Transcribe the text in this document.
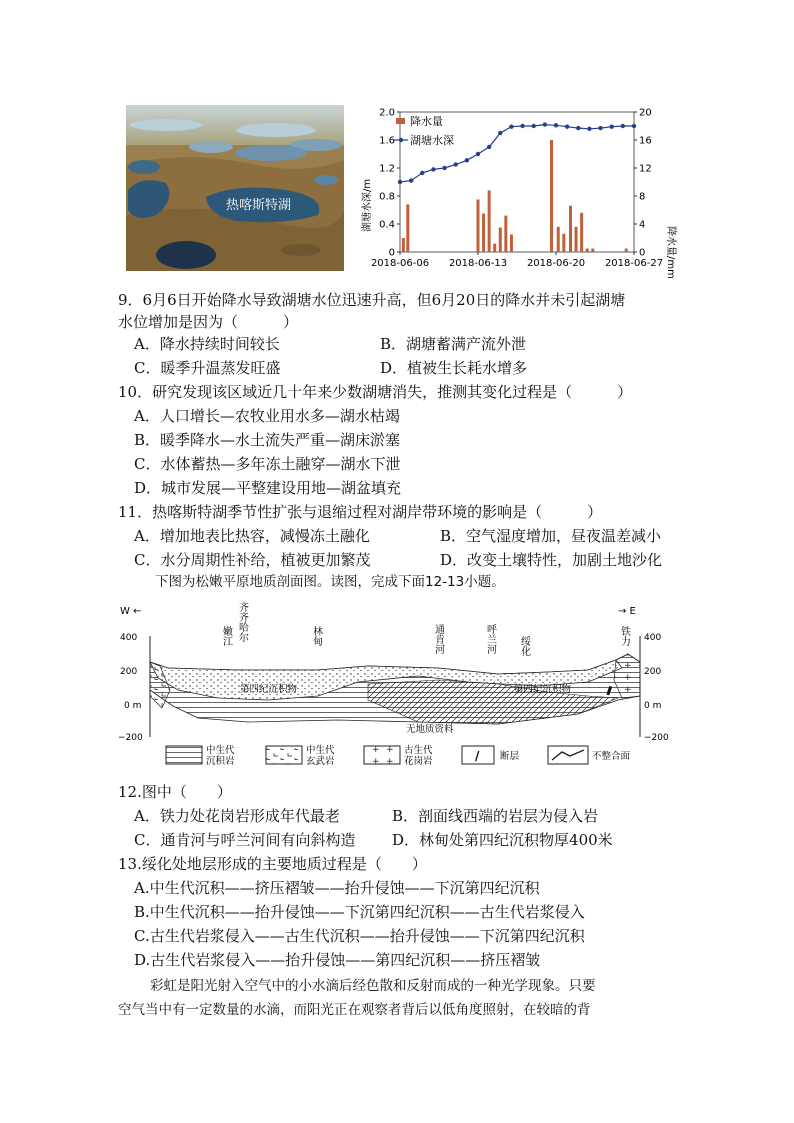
热喀斯特湖
0
0.4
0.8
1.2
1.6
2.0
0
4
8
12
16
20
2018-06-06 2018-06-13 2018-06-20 2018-06-27
降水量
湖塘水深
湖塘水深/m
降水量/mm
9．6月6日开始降水导致湖塘水位迅速升高，但6月20日的降水并未引起湖塘
水位增加是因为（　　　）
A．降水持续时间较长	B．湖塘蓄满产流外泄
C．暖季升温蒸发旺盛	D．植被生长耗水增多
10．研究发现该区域近几十年来少数湖塘消失，推测其变化过程是（　　　）
A．人口增长—农牧业用水多—湖水枯竭
B．暖季降水—水土流失严重—湖床淤塞
C．水体蓄热—多年冻土融穿—湖水下泄
D．城市发展—平整建设用地—湖盆填充
11．热喀斯特湖季节性扩张与退缩过程对湖岸带环境的影响是（　　　）
A．增加地表比热容，减慢冻土融化	B．空气湿度增加，昼夜温差减小
C．水分周期性补给，植被更加繁茂	D．改变土壤特性，加剧土地沙化
下图为松嫩平原地质剖面图。读图，完成下面12-13小题。
W ←	→ E
400
200
0 m
−200
400
200
0 m
−200
嫩江 齐齐哈尔	林甸	通肯河	呼兰河 绥化	铁力
第四纪沉积物	第四纪沉积物
无地质资料
中生代沉积岩
中生代玄武岩
古生代花岗岩	/ 断层	不整合面
12.图中（　　）
A．铁力处花岗岩形成年代最老	B．剖面线西端的岩层为侵入岩
C．通肯河与呼兰河间有向斜构造 D．林甸处第四纪沉积物厚400米
13.绥化处地层形成的主要地质过程是（　　）
A.中生代沉积——挤压褶皱——抬升侵蚀——下沉第四纪沉积
B.中生代沉积——抬升侵蚀——下沉第四纪沉积——古生代岩浆侵入
C.古生代岩浆侵入——古生代沉积——抬升侵蚀——下沉第四纪沉积
D.古生代岩浆侵入——抬升侵蚀——第四纪沉积——挤压褶皱
彩虹是阳光射入空气中的小水滴后经色散和反射而成的一种光学现象。只要
空气当中有一定数量的水滴，而阳光正在观察者背后以低角度照射，在较暗的背
